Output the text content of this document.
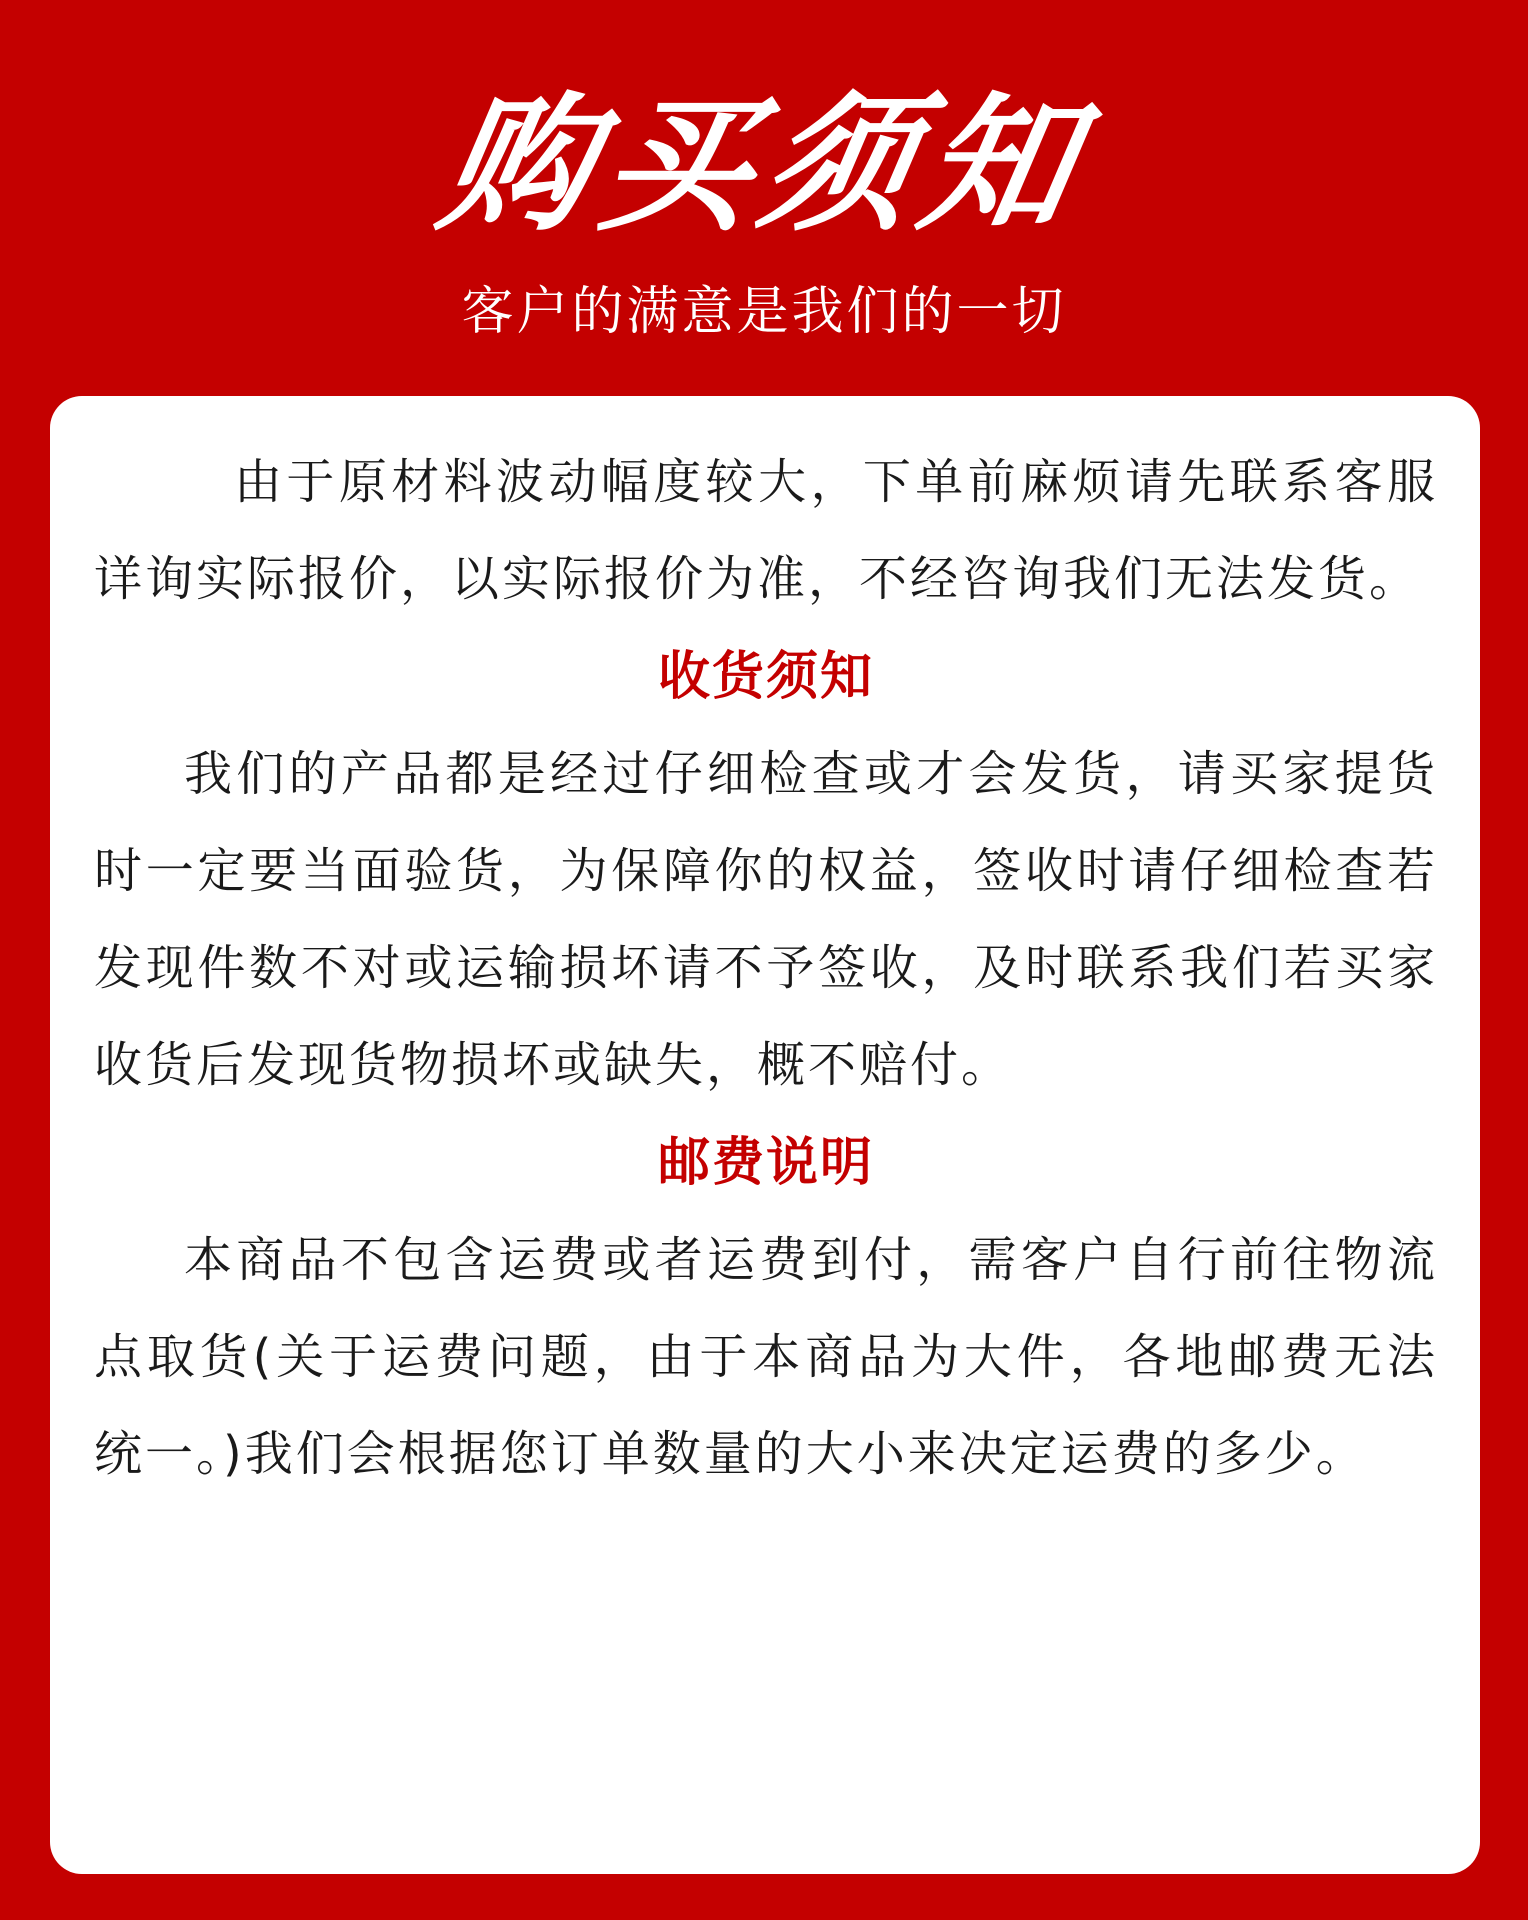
购买须知
客户的满意是我们的一切

由于原材料波动幅度较大，下单前麻烦请先联系客服详询实际报价，以实际报价为准，不经咨询我们无法发货。

收货须知

我们的产品都是经过仔细检查或才会发货，请买家提货时一定要当面验货，为保障你的权益，签收时请仔细检查若发现件数不对或运输损坏请不予签收，及时联系我们若买家收货后发现货物损坏或缺失，概不赔付。

邮费说明

本商品不包含运费或者运费到付，需客户自行前往物流点取货(关于运费问题，由于本商品为大件，各地邮费无法统一。)我们会根据您订单数量的大小来决定运费的多少。
